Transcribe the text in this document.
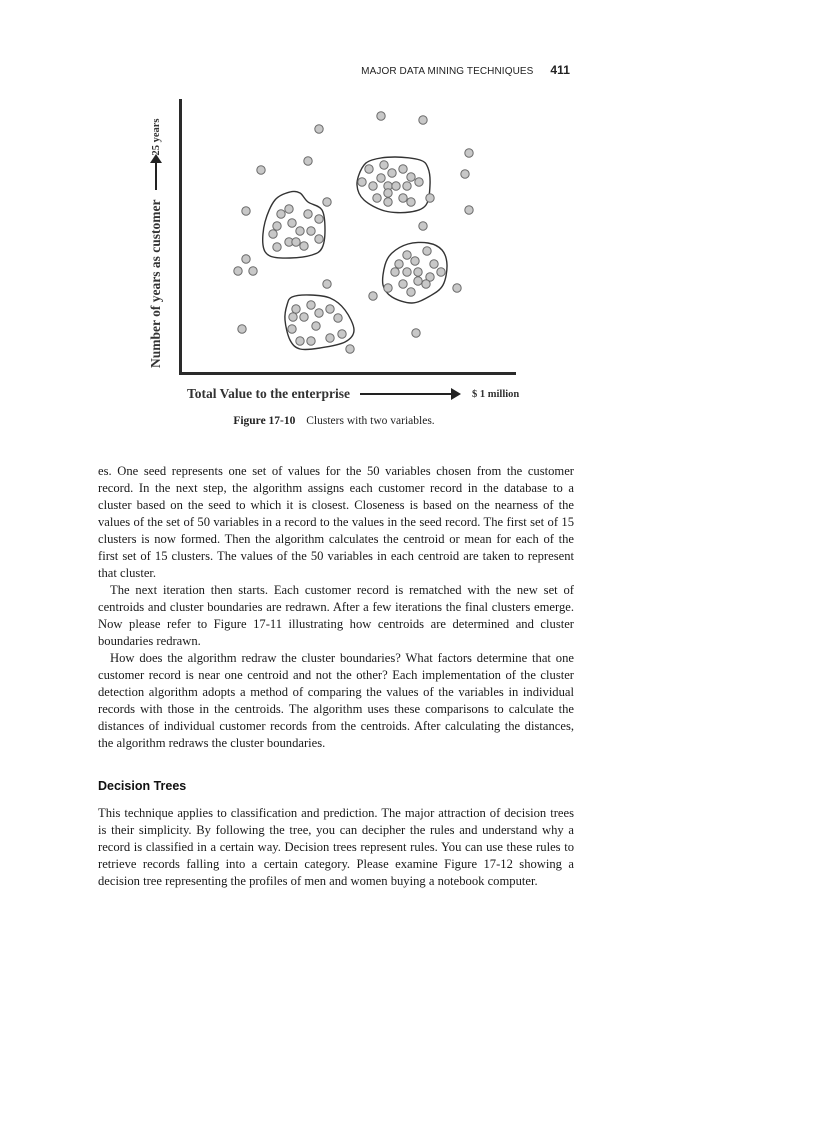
MAJOR DATA MINING TECHNIQUES 411
Number of years as customer
25 years
Total Value to the enterprise	$ 1 million
Figure 17-10 Clusters with two variables.

es. One seed represents one set of values for the 50 variables chosen from the customer record. In the next step, the algorithm assigns each customer record in the database to a cluster based on the seed to which it is closest. Closeness is based on the nearness of the values of the set of 50 variables in a record to the values in the seed record. The first set of 15 clusters is now formed. Then the algorithm calculates the centroid or mean for each of the first set of 15 clusters. The values of the 50 variables in each centroid are taken to represent that cluster.

The next iteration then starts. Each customer record is rematched with the new set of centroids and cluster boundaries are redrawn. After a few iterations the final clusters emerge. Now please refer to Figure 17-11 illustrating how centroids are determined and cluster boundaries redrawn.

How does the algorithm redraw the cluster boundaries? What factors determine that one customer record is near one centroid and not the other? Each implementation of the cluster detection algorithm adopts a method of comparing the values of the variables in individual records with those in the centroids. The algorithm uses these comparisons to calculate the distances of individual customer records from the centroids. After calculating the distances, the algorithm redraws the cluster boundaries.

Decision Trees

This technique applies to classification and prediction. The major attraction of decision trees is their simplicity. By following the tree, you can decipher the rules and understand why a record is classified in a certain way. Decision trees represent rules. You can use these rules to retrieve records falling into a certain category. Please examine Figure 17-12 showing a decision tree representing the profiles of men and women buying a notebook computer.
